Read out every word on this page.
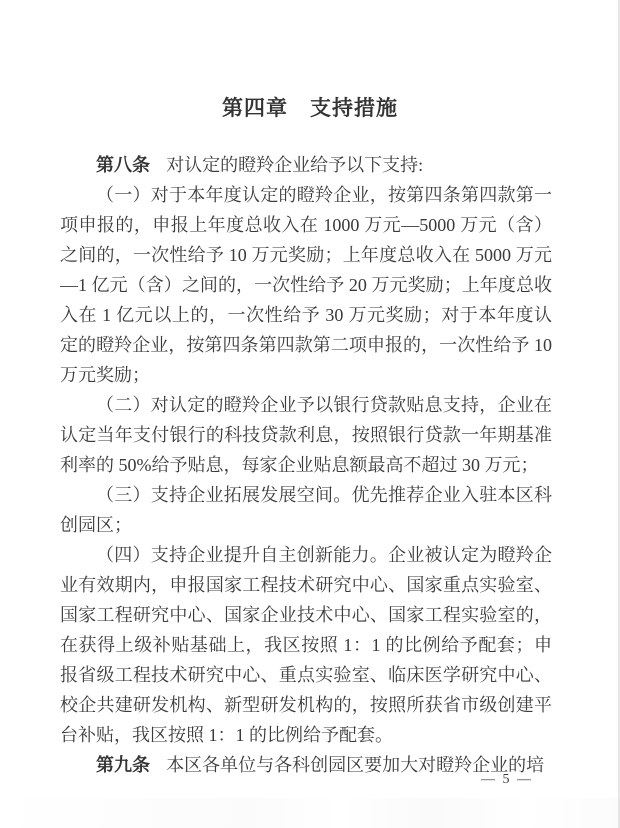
第四章　支持措施

第八条 对认定的瞪羚企业给予以下支持:

（一）对于本年度认定的瞪羚企业，按第四条第四款第一项申报的，申报上年度总收入在 1000 万元—5000 万元（含）之间的，一次性给予 10 万元奖励；上年度总收入在 5000 万元—1 亿元（含）之间的，一次性给予 20 万元奖励；上年度总收入在 1 亿元以上的，一次性给予 30 万元奖励；对于本年度认定的瞪羚企业，按第四条第四款第二项申报的，一次性给予 10 万元奖励；

（二）对认定的瞪羚企业予以银行贷款贴息支持，企业在认定当年支付银行的科技贷款利息，按照银行贷款一年期基准利率的 50%给予贴息，每家企业贴息额最高不超过 30 万元；

（三）支持企业拓展发展空间。优先推荐企业入驻本区科创园区；

（四）支持企业提升自主创新能力。企业被认定为瞪羚企业有效期内，申报国家工程技术研究中心、国家重点实验室、国家工程研究中心、国家企业技术中心、国家工程实验室的，在获得上级补贴基础上，我区按照 1：1 的比例给予配套；申报省级工程技术研究中心、重点实验室、临床医学研究中心、校企共建研发机构、新型研发机构的，按照所获省市级创建平台补贴，我区按照 1：1 的比例给予配套。

第九条 本区各单位与各科创园区要加大对瞪羚企业的培

— 5 —
